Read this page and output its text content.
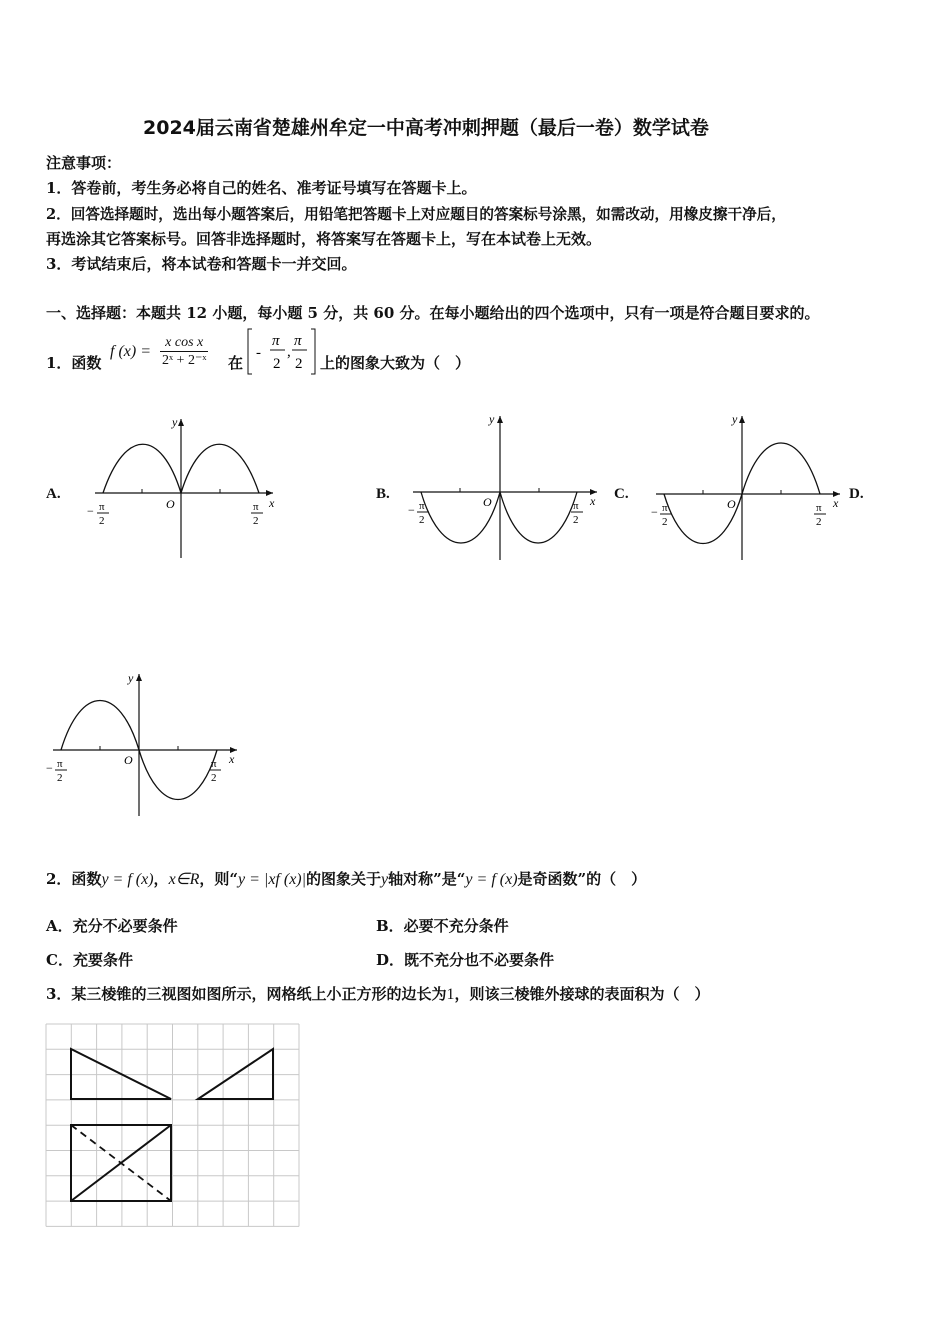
2024届云南省楚雄州牟定一中高考冲刺押题（最后一卷）数学试卷
注意事项：
1．答卷前，考生务必将自己的姓名、准考证号填写在答题卡上。
2．回答选择题时，选出每小题答案后，用铅笔把答题卡上对应题目的答案标号涂黑，如需改动，用橡皮擦干净后，
再选涂其它答案标号。回答非选择题时，将答案写在答题卡上，写在本试卷上无效。
3．考试结束后，将本试卷和答题卡一并交回。
一、选择题：本题共 12 小题，每小题 5 分，共 60 分。在每小题给出的四个选项中，只有一项是符合题目要求的。
1．函数
f $(x) = \frac{\text{x cos x}}{\text{2ˣ + 2⁻ˣ}}$ 在
-
π
2
,
π
2 上的图象大致为（　）
A.	B.	C.	D.
y
x
O
− π
2
π
2
y
x
O
− π
2
π
2
y
x
O
− π
2
π
2
y
x
O
− π
2
π
2
2．函数y = f (x)，x∈R，则“y = |xf (x)|的图象关于y轴对称”是“y = f (x)是奇函数”的（　）
A．充分不必要条件	B．必要不充分条件
C．充要条件	D．既不充分也不必要条件
3．某三棱锥的三视图如图所示，网格纸上小正方形的边长为1，则该三棱锥外接球的表面积为（　）
